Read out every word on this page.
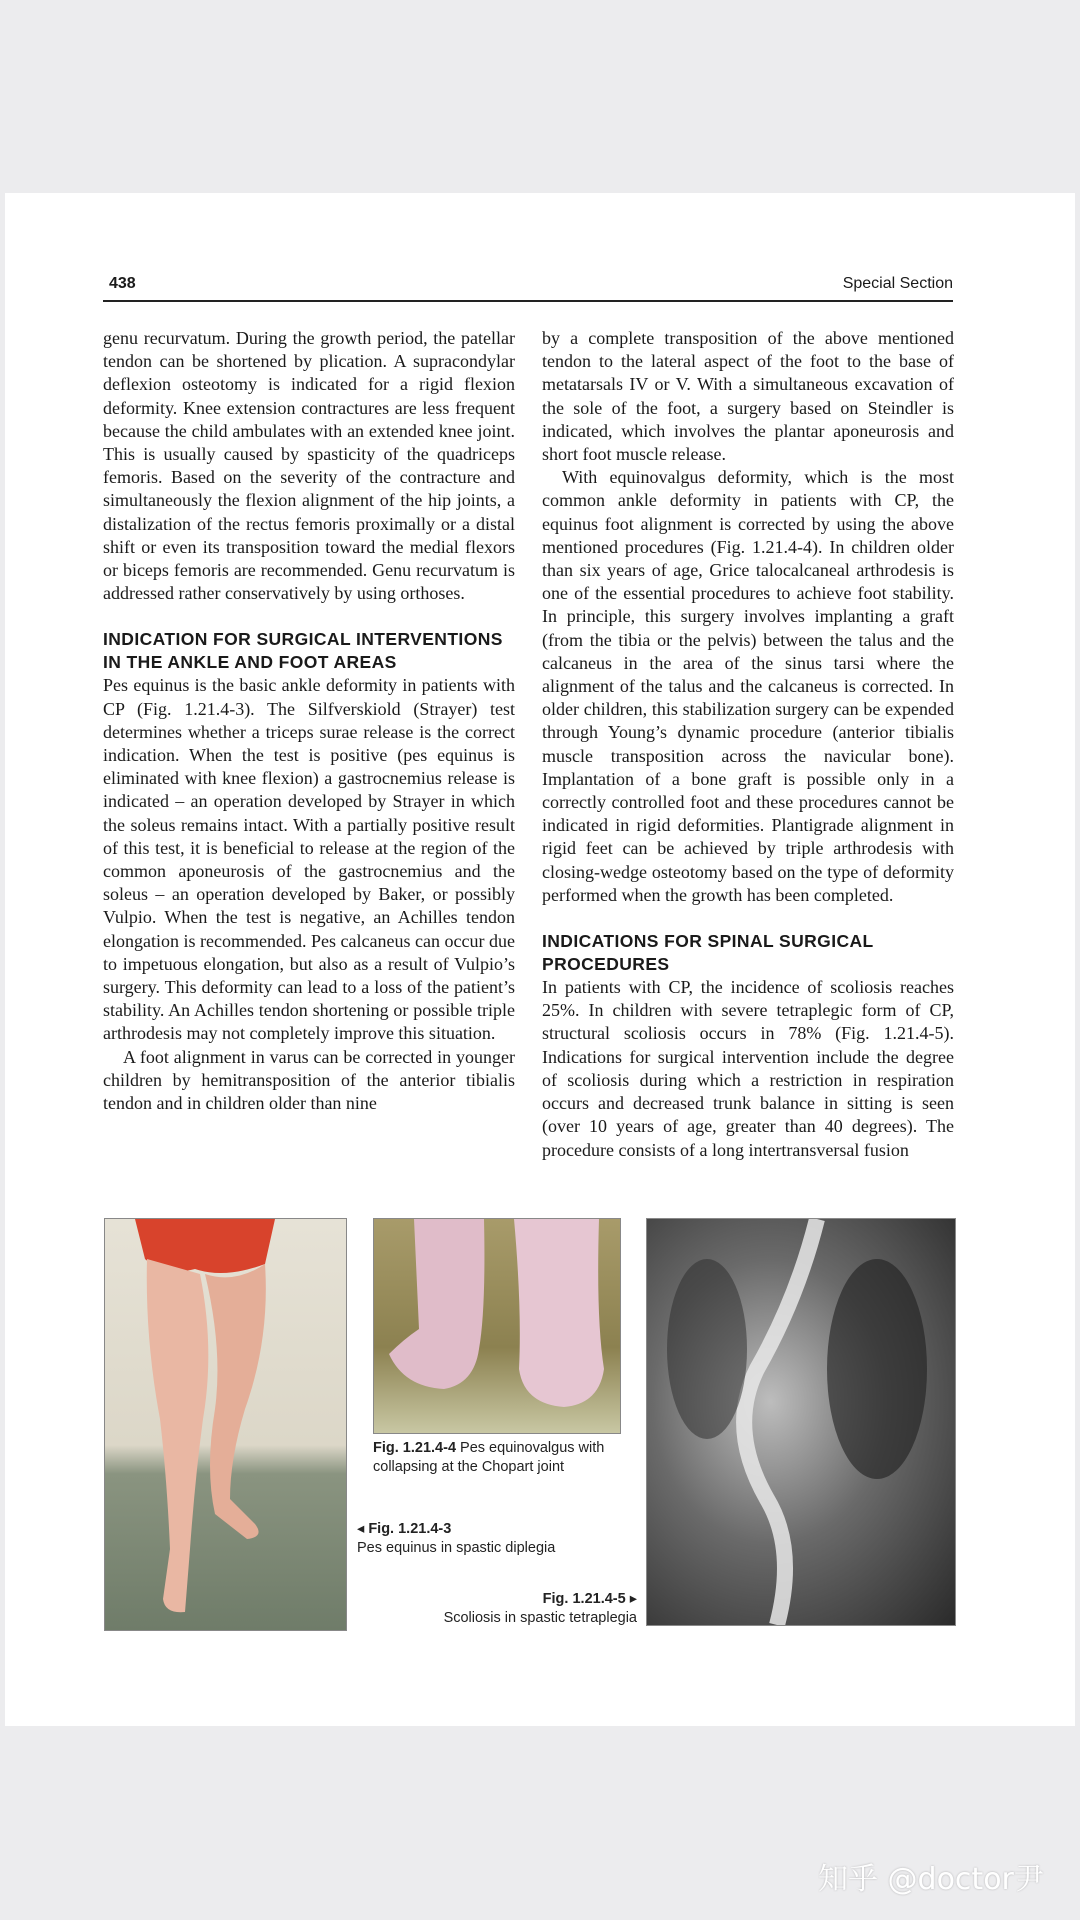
438	Special Section

genu recurvatum. During the growth period, the patellar tendon can be shortened by plication. A supracondylar deflexion osteotomy is indicated for a rigid flexion deformity. Knee extension contractures are less frequent because the child ambulates with an extended knee joint. This is usually caused by spasticity of the quadriceps femoris. Based on the severity of the contracture and simultaneously the flexion alignment of the hip joints, a distalization of the rectus femoris proximally or a distal shift or even its transposition toward the medial flexors or biceps femoris are recommended. Genu recurvatum is addressed rather conservatively by using orthoses.

INDICATION FOR SURGICAL INTERVENTIONS IN THE ANKLE AND FOOT AREAS

Pes equinus is the basic ankle deformity in patients with CP (Fig. 1.21.4-3). The Silfverskiold (Strayer) test determines whether a triceps surae release is the correct indication. When the test is positive (pes equinus is eliminated with knee flexion) a gastrocnemius release is indicated – an operation developed by Strayer in which the soleus remains intact. With a partially positive result of this test, it is beneficial to release at the region of the common aponeurosis of the gastrocnemius and the soleus – an operation developed by Baker, or possibly Vulpio. When the test is negative, an Achilles tendon elongation is recommended. Pes calcaneus can occur due to impetuous elongation, but also as a result of Vulpio’s surgery. This deformity can lead to a loss of the patient’s stability. An Achilles tendon shortening or possible triple arthrodesis may not completely improve this situation.

A foot alignment in varus can be corrected in younger children by hemitransposition of the anterior tibialis tendon and in children older than nine

by a complete transposition of the above mentioned tendon to the lateral aspect of the foot to the base of metatarsals IV or V. With a simultaneous excavation of the sole of the foot, a surgery based on Steindler is indicated, which involves the plantar aponeurosis and short foot muscle release.

With equinovalgus deformity, which is the most common ankle deformity in patients with CP, the equinus foot alignment is corrected by using the above mentioned procedures (Fig. 1.21.4-4). In children older than six years of age, Grice talocalcaneal arthrodesis is one of the essential procedures to achieve foot stability. In principle, this surgery involves implanting a graft (from the tibia or the pelvis) between the talus and the calcaneus in the area of the sinus tarsi where the alignment of the talus and the calcaneus is corrected. In older children, this stabilization surgery can be expended through Young’s dynamic procedure (anterior tibialis muscle transposition across the navicular bone). Implantation of a bone graft is possible only in a correctly controlled foot and these procedures cannot be indicated in rigid deformities. Plantigrade alignment in rigid feet can be achieved by triple arthrodesis with closing-wedge osteotomy based on the type of deformity performed when the growth has been completed.

INDICATIONS FOR SPINAL SURGICAL PROCEDURES

In patients with CP, the incidence of scoliosis reaches 25%. In children with severe tetraplegic form of CP, structural scoliosis occurs in 78% (Fig. 1.21.4-5). Indications for surgical intervention include the degree of scoliosis during which a restriction in respiration occurs and decreased trunk balance in sitting is seen (over 10 years of age, greater than 40 degrees). The procedure consists of a long intertransversal fusion

Fig. 1.21.4-4 Pes equinovalgus with collapsing at the Chopart joint
◂ Fig. 1.21.4-3
Pes equinus in spastic diplegia
Fig. 1.21.4-5 ▸
Scoliosis in spastic tetraplegia
知乎 @doctor尹
